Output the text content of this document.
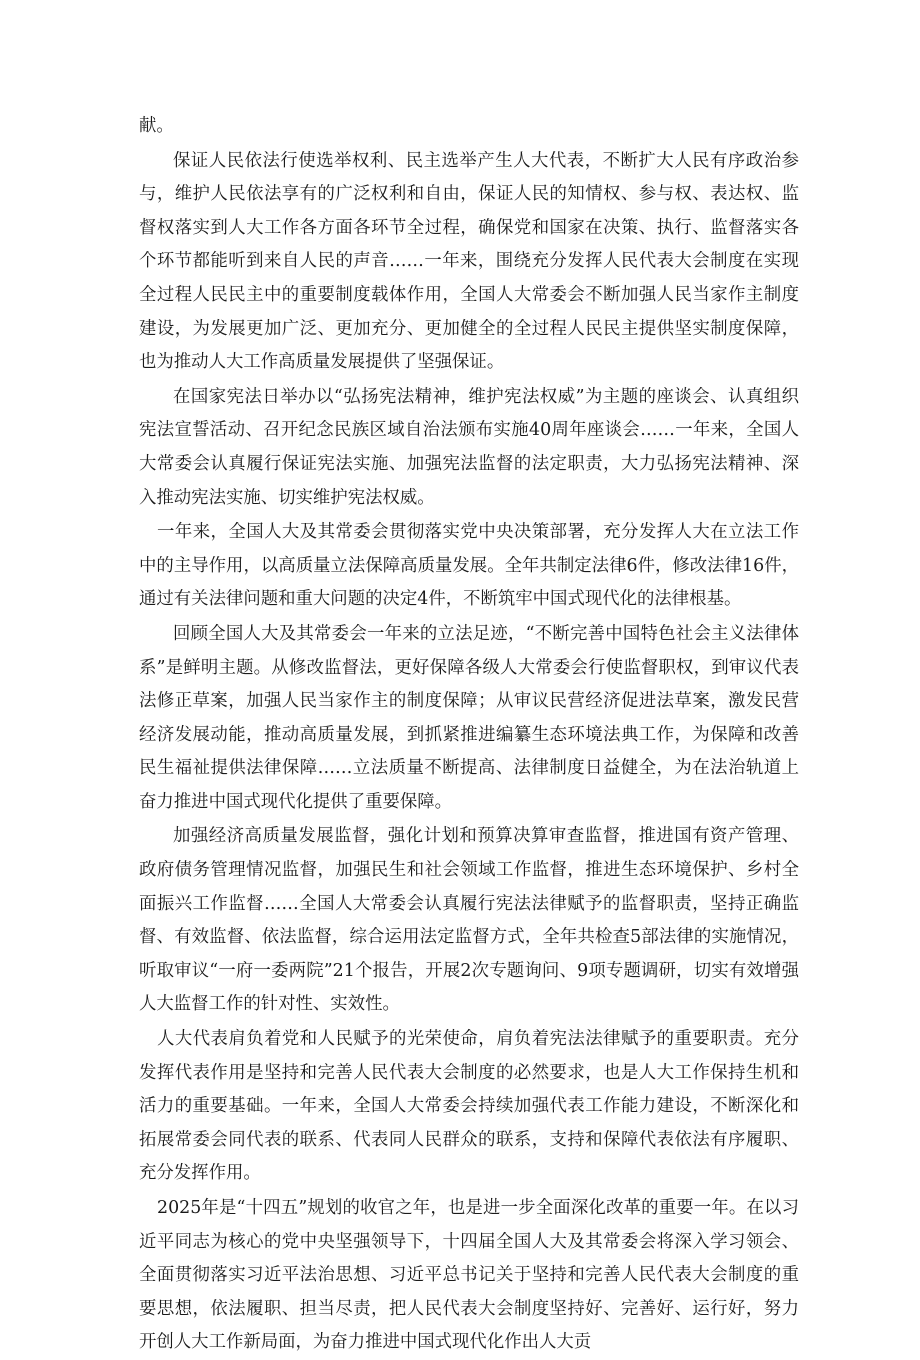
献。

保证人民依法行使选举权利、民主选举产生人大代表，不断扩大人民有序政治参与，维护人民依法享有的广泛权利和自由，保证人民的知情权、参与权、表达权、监督权落实到人大工作各方面各环节全过程，确保党和国家在决策、执行、监督落实各个环节都能听到来自人民的声音……一年来，围绕充分发挥人民代表大会制度在实现全过程人民民主中的重要制度载体作用，全国人大常委会不断加强人民当家作主制度建设，为发展更加广泛、更加充分、更加健全的全过程人民民主提供坚实制度保障，也为推动人大工作高质量发展提供了坚强保证。

在国家宪法日举办以“弘扬宪法精神，维护宪法权威”为主题的座谈会、认真组织宪法宣誓活动、召开纪念民族区域自治法颁布实施40周年座谈会……一年来，全国人大常委会认真履行保证宪法实施、加强宪法监督的法定职责，大力弘扬宪法精神、深入推动宪法实施、切实维护宪法权威。

一年来，全国人大及其常委会贯彻落实党中央决策部署，充分发挥人大在立法工作中的主导作用，以高质量立法保障高质量发展。全年共制定法律6件，修改法律16件，通过有关法律问题和重大问题的决定4件，不断筑牢中国式现代化的法律根基。

回顾全国人大及其常委会一年来的立法足迹，“不断完善中国特色社会主义法律体系”是鲜明主题。从修改监督法，更好保障各级人大常委会行使监督职权，到审议代表法修正草案，加强人民当家作主的制度保障；从审议民营经济促进法草案，激发民营经济发展动能，推动高质量发展，到抓紧推进编纂生态环境法典工作，为保障和改善民生福祉提供法律保障……立法质量不断提高、法律制度日益健全，为在法治轨道上奋力推进中国式现代化提供了重要保障。

加强经济高质量发展监督，强化计划和预算决算审查监督，推进国有资产管理、政府债务管理情况监督，加强民生和社会领域工作监督，推进生态环境保护、乡村全面振兴工作监督……全国人大常委会认真履行宪法法律赋予的监督职责，坚持正确监督、有效监督、依法监督，综合运用法定监督方式，全年共检查5部法律的实施情况，听取审议“一府一委两院”21个报告，开展2次专题询问、9项专题调研，切实有效增强人大监督工作的针对性、实效性。

人大代表肩负着党和人民赋予的光荣使命，肩负着宪法法律赋予的重要职责。充分发挥代表作用是坚持和完善人民代表大会制度的必然要求，也是人大工作保持生机和活力的重要基础。一年来，全国人大常委会持续加强代表工作能力建设，不断深化和拓展常委会同代表的联系、代表同人民群众的联系，支持和保障代表依法有序履职、充分发挥作用。

2025年是“十四五”规划的收官之年，也是进一步全面深化改革的重要一年。在以习近平同志为核心的党中央坚强领导下，十四届全国人大及其常委会将深入学习领会、全面贯彻落实习近平法治思想、习近平总书记关于坚持和完善人民代表大会制度的重要思想，依法履职、担当尽责，把人民代表大会制度坚持好、完善好、运行好，努力开创人大工作新局面，为奋力推进中国式现代化作出人大贡
